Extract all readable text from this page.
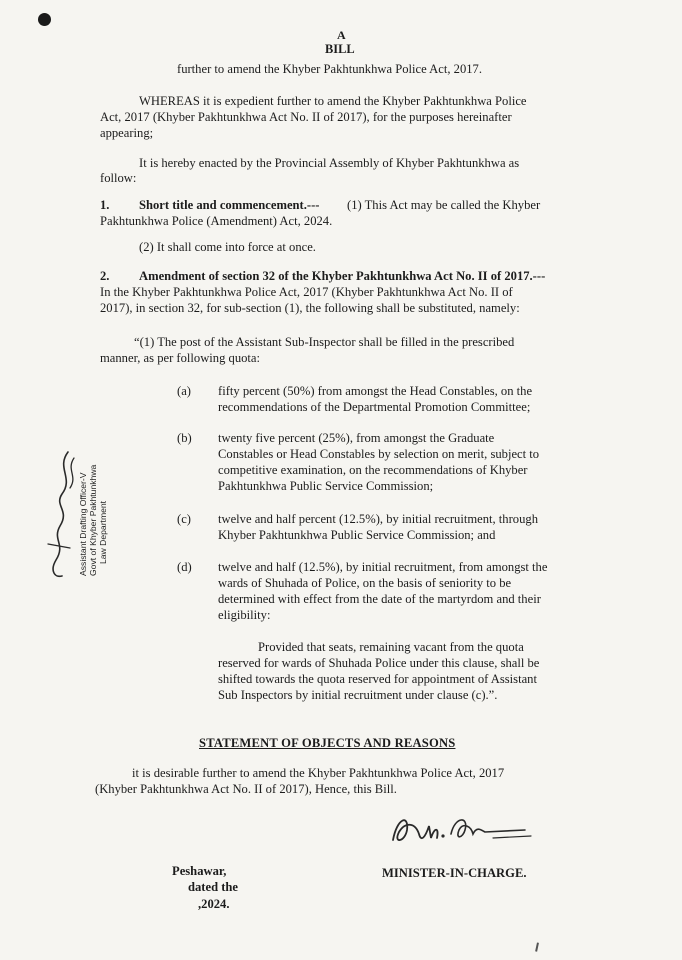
A
BILL
further to amend the Khyber Pakhtunkhwa Police Act, 2017.
WHEREAS it is expedient further to amend the Khyber Pakhtunkhwa Police
Act, 2017 (Khyber Pakhtunkhwa Act No. II of 2017), for the purposes hereinafter
appearing;
It is hereby enacted by the Provincial Assembly of Khyber Pakhtunkhwa as
follow:
1. Short title and commencement.--- (1) This Act may be called the Khyber
Pakhtunkhwa Police (Amendment) Act, 2024.
(2) It shall come into force at once.
2. Amendment of section 32 of the Khyber Pakhtunkhwa Act No. II of 2017.---
In the Khyber Pakhtunkhwa Police Act, 2017 (Khyber Pakhtunkhwa Act No. II of
2017), in section 32, for sub-section (1), the following shall be substituted, namely:
“(1) The post of the Assistant Sub-Inspector shall be filled in the prescribed
manner, as per following quota:
(a) fifty percent (50%) from amongst the Head Constables, on the
recommendations of the Departmental Promotion Committee;
(b) twenty five percent (25%), from amongst the Graduate
Constables or Head Constables by selection on merit, subject to
competitive examination, on the recommendations of Khyber
Pakhtunkhwa Public Service Commission;
(c) twelve and half percent (12.5%), by initial recruitment, through
Khyber Pakhtunkhwa Public Service Commission; and
(d) twelve and half (12.5%), by initial recruitment, from amongst the
wards of Shuhada of Police, on the basis of seniority to be
determined with effect from the date of the martyrdom and their
eligibility:
Provided that seats, remaining vacant from the quota
reserved for wards of Shuhada Police under this clause, shall be
shifted towards the quota reserved for appointment of Assistant
Sub Inspectors by initial recruitment under clause (c).”.
STATEMENT OF OBJECTS AND REASONS
it is desirable further to amend the Khyber Pakhtunkhwa Police Act, 2017
(Khyber Pakhtunkhwa Act No. II of 2017), Hence, this Bill.
Peshawar,
dated the
,2024.
MINISTER-IN-CHARGE.
Assistant Drafting Officer-V Govt of Khyber Pakhtunkhwa Law Department
